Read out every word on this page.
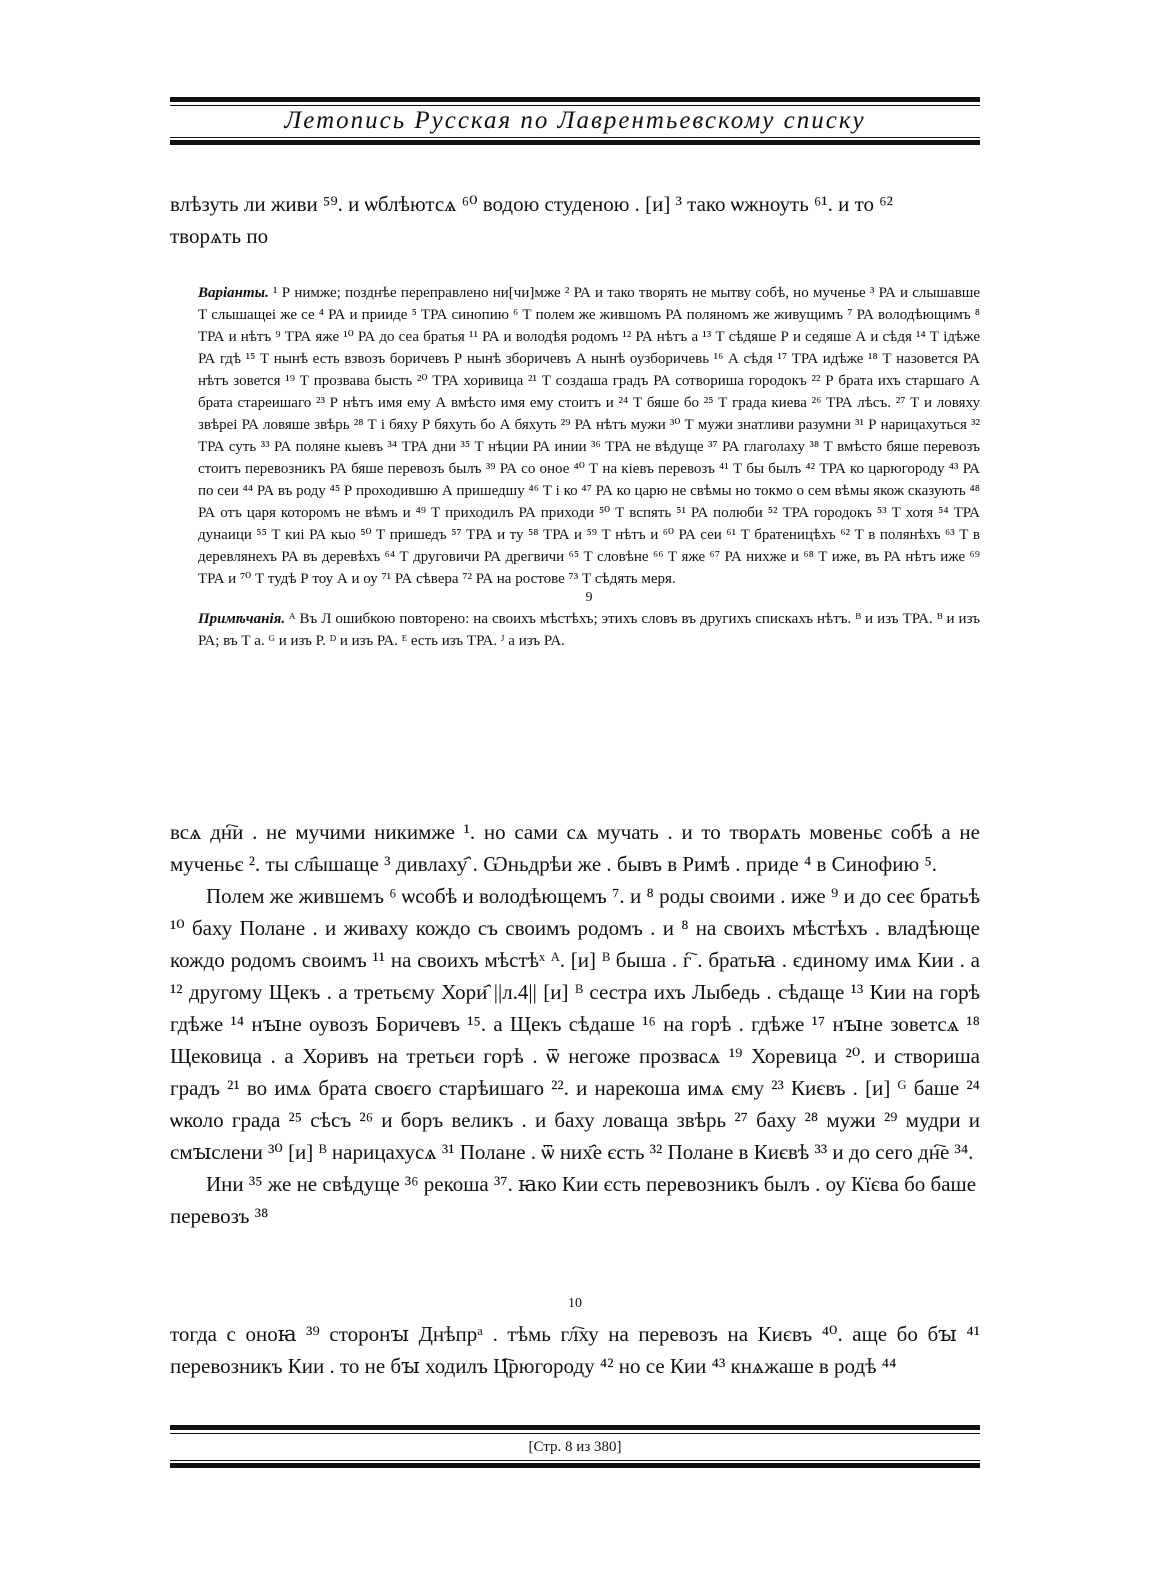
Летопись Русская по Лаврентьевскому списку

влѣзуть ли живи ⁵⁹. и ѡблѣютсѧ ⁶⁰ водою студеною . [и] ³ тако ѡжноуть ⁶¹. и то ⁶²

творѧть по

Варіанты. ¹ Р нимже; позднѣе переправлено ни[чи]мже ² РА и тако творять не мытву собѣ, но мученье ³ РА и слышавше Т слышащеі же се ⁴ РА и прииде ⁵ ТРА синопию ⁶ Т полем же жившомъ РА поляномъ же живущимъ ⁷ РА володѣющимъ ⁸ ТРА и нѣтъ ⁹ ТРА яже ¹⁰ РА до сеа братья ¹¹ РА и володѣя родомъ ¹² РА нѣтъ а ¹³ Т сѣдяше Р и седяше А и сѣдя ¹⁴ Т ідѣже РА гдѣ ¹⁵ Т нынѣ есть взвозъ боричевъ Р нынѣ зборичевъ А нынѣ оузборичевь ¹⁶ А сѣдя ¹⁷ ТРА идѣже ¹⁸ Т назовется РА нѣтъ зовется ¹⁹ Т прозвава бысть ²⁰ ТРА хоривица ²¹ Т создаша градъ РА сотвориша городокъ ²² Р брата ихъ старшаго А брата стареишаго ²³ Р нѣтъ имя ему А вмѣсто имя ему стоитъ и ²⁴ Т бяше бо ²⁵ Т града киева ²⁶ ТРА лѣсъ. ²⁷ Т и ловяху звѣреі РА ловяше звѣрь ²⁸ Т і бяху Р бяхуть бо А бяхуть ²⁹ РА нѣтъ мужи ³⁰ Т мужи знатливи разумни ³¹ Р нарицахуться ³² ТРА суть ³³ РА поляне кыевъ ³⁴ ТРА дни ³⁵ Т нѣции РА инии ³⁶ ТРА не вѣдуще ³⁷ РА глаголаху ³⁸ Т вмѣсто бяше перевозъ стоитъ перевозникъ РА бяше перевозъ былъ ³⁹ РА со оное ⁴⁰ Т на кіевъ перевозъ ⁴¹ Т бы былъ ⁴² ТРА ко царюгороду ⁴³ РА по сеи ⁴⁴ РА въ роду ⁴⁵ Р проходившю А пришедшу ⁴⁶ Т і ко ⁴⁷ РА ко царю не свѣмы но токмо о сем вѣмы якож сказують ⁴⁸ РА отъ царя которомъ не вѣмъ и ⁴⁹ Т приходилъ РА приходи ⁵⁰ Т вспять ⁵¹ РА полюби ⁵² ТРА городокъ ⁵³ Т хотя ⁵⁴ ТРА дунаици ⁵⁵ Т киі РА кыо ⁵⁰ Т пришедъ ⁵⁷ ТРА и ту ⁵⁸ ТРА и ⁵⁹ Т нѣтъ и ⁶⁰ РА сеи ⁶¹ Т братеницѣхъ ⁶² Т в полянѣхъ ⁶³ Т в деревлянехъ РА въ деревѣхъ ⁶⁴ Т друговичи РА дрегвичи ⁶⁵ Т словѣне ⁶⁶ Т яже ⁶⁷ РА нихже и ⁶⁸ Т иже, въ РА нѣтъ иже ⁶⁹ ТРА и ⁷⁰ Т тудѣ Р тоу А и оу ⁷¹ РА сѣвера ⁷² РА на ростове ⁷³ Т сѣдять меря.

9

Примѣчанія. ᴬ Въ Л ошибкою повторено: на своихъ мѣстѣхъ; этихъ словъ въ другихъ спискахъ нѣтъ. ᴮ и изъ ТРА. ᴮ и изъ РА; въ Т а. ᴳ и изъ Р. ᴰ и изъ РА. ᴱ есть изъ ТРА. ᴶ а изъ РА.

всѧ дн҇и . не мучими никимже ¹. но сами сѧ мучать . и то творѧть мовеньє собѣ а не мученьє ². ты сл҄ышаще ³ дивлаху҄ . Ѡньдрѣи же . бывъ в Римѣ . приде ⁴ в Синофию ⁵.

Полем же жившемъ ⁶ ѡсобѣ и володѣющемъ ⁷. и ⁸ роды своими . иже ⁹ и до сеє братьѣ ¹⁰ баху Полане . и живаху кождо съ своимъ родомъ . и ⁸ на своихъ мѣстѣхъ . владѣюще кождо родомъ своимъ ¹¹ на своихъ мѣстѣˣ ᴬ. [и] ᴮ быша . г҇ . братьꙗ . єдиному имѧ Кии . а ¹² другому Щекъ . а третьєму Хори҄ ||л.4|| [и] ᴮ сестра ихъ Лыбедь . сѣдаще ¹³ Кии на горѣ гдѣже ¹⁴ нꙑне оувозъ Боричевъ ¹⁵. а Щекъ сѣдаше ¹⁶ на горѣ . гдѣже ¹⁷ нꙑне зоветсѧ ¹⁸ Щековица . а Хоривъ на третьєи горѣ . ѿ негоже прозвасѧ ¹⁹ Хоревица ²⁰. и створиша градъ ²¹ во имѧ брата своєго старѣишаго ²². и нарекоша имѧ єму ²³ Києвъ . [и] ᴳ баше ²⁴ ѡколо града ²⁵ сѣсъ ²⁶ и боръ великъ . и баху ловаща звѣрь ²⁷ баху ²⁸ мужи ²⁹ мудри и смꙑслени ³⁰ [и] ᴮ нарицахусѧ ³¹ Полане . ѿ них҄е єсть ³² Полане в Києвѣ ³³ и до сего дн҇е ³⁴.

Ини ³⁵ же не свѣдуще ³⁶ рекоша ³⁷. ꙗко Кии єсть перевозникъ былъ . оу Кїєва бо баше перевозъ ³⁸

10

тогда с оноꙗ ³⁹ сторонꙑ Днѣпрᵃ . тѣмь гл҇ху на перевозъ на Києвъ ⁴⁰. аще бо бꙑ ⁴¹ перевозникъ Кии . то не бꙑ ходилъ Ц҇рюгороду ⁴² но се Кии ⁴³ кнѧжаше в родѣ ⁴⁴

[Стр. 8 из 380]
